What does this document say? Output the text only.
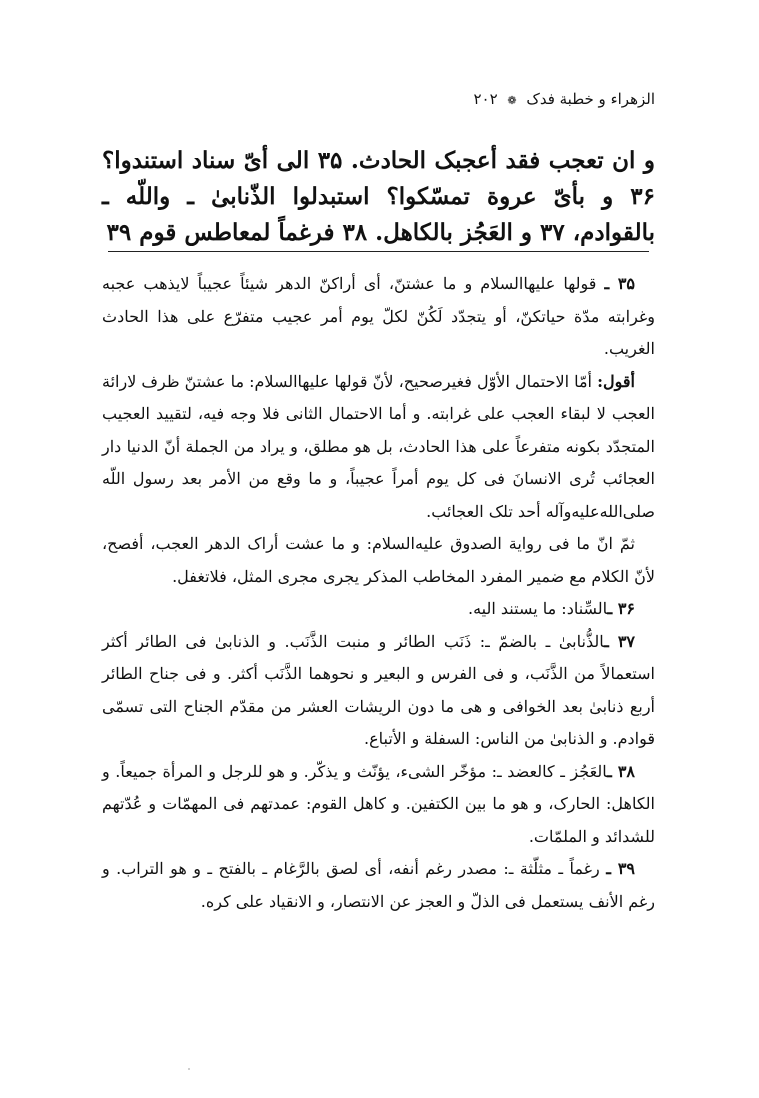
الزهراء و خطبة فدک ❁ ۲۰۲

و ان تعجب فقد أعجبک الحادث. ۳۵ الی أیّ سناد استندوا؟ ۳۶ و بأیّ عروة تمسّکوا؟ استبدلوا الذّنابیٰ ـ واللّه ـ بالقوادم، ۳۷ و العَجُز بالکاهل. ۳۸ فرغماً لمعاطس قوم ۳۹

۳۵ ـ قولها عليهاالسلام و ما عشتنّ، أی أراکنّ الدهر شیئاً عجیباً لایذهب عجبه وغرابته مدّة حیاتکنّ، أو یتجدّد لَکُنّ لکلّ یوم أمر عجیب متفرّع علی هذا الحادث الغریب.

أقول: أمّا الاحتمال الأوّل فغیرصحیح، لأنّ قولها عليهاالسلام: ما عشتنّ ظرف لارائة العجب لا لبقاء العجب علی غرابته. و أما الاحتمال الثانی فلا وجه فیه، لتقیید العجیب المتجدّد بکونه متفرعاً علی هذا الحادث، بل هو مطلق، و یراد من الجملة أنّ الدنیا دار العجائب تُری الانسانَ فی کل یوم أمراً عجیباً، و ما وقع من الأمر بعد رسول اللّه صلى‌الله‌عليه‌وآله أحد تلک العجائب.

ثمّ انّ ما فی روایة الصدوق عليه‌السلام: و ما عشت أراک الدهر العجب، أفصح، لأنّ الکلام مع ضمیر المفرد المخاطب المذکر یجری مجری المثل، فلاتغفل.

۳۶ ـالسِّناد: ما یستند الیه.

۳۷ ـالذُّنابیٰ ـ بالضمّ ـ: ذَنَب الطائر و منبت الذَّنَب. و الذنابیٰ فی الطائر أکثر استعمالاً من الذَّنَب، و فی الفرس و البعیر و نحوهما الذَّنَب أکثر. و فی جناح الطائر أربع ذنابیٰ بعد الخوافی و هی ما دون الریشات العشر من مقدّم الجناح التی تسمّی قوادم. و الذنابیٰ من الناس: السفلة و الأتباع.

۳۸ ـالعَجُز ـ کالعضد ـ: مؤخّر الشیء، یؤنّث و یذکّر. و هو للرجل و المرأة جمیعاً. و الکاهل: الحارک، و هو ما بین الکتفین. و کاهل القوم: عمدتهم فی المهمّات و عُدّتهم للشدائد و الملمّات.

۳۹ ـ رغماً ـ مثلّثة ـ: مصدر رغم أنفه، أی لصق بالرَّغام ـ بالفتح ـ و هو التراب. و رغم الأنف یستعمل فی الذلّ و العجز عن الانتصار، و الانقیاد علی کره.
